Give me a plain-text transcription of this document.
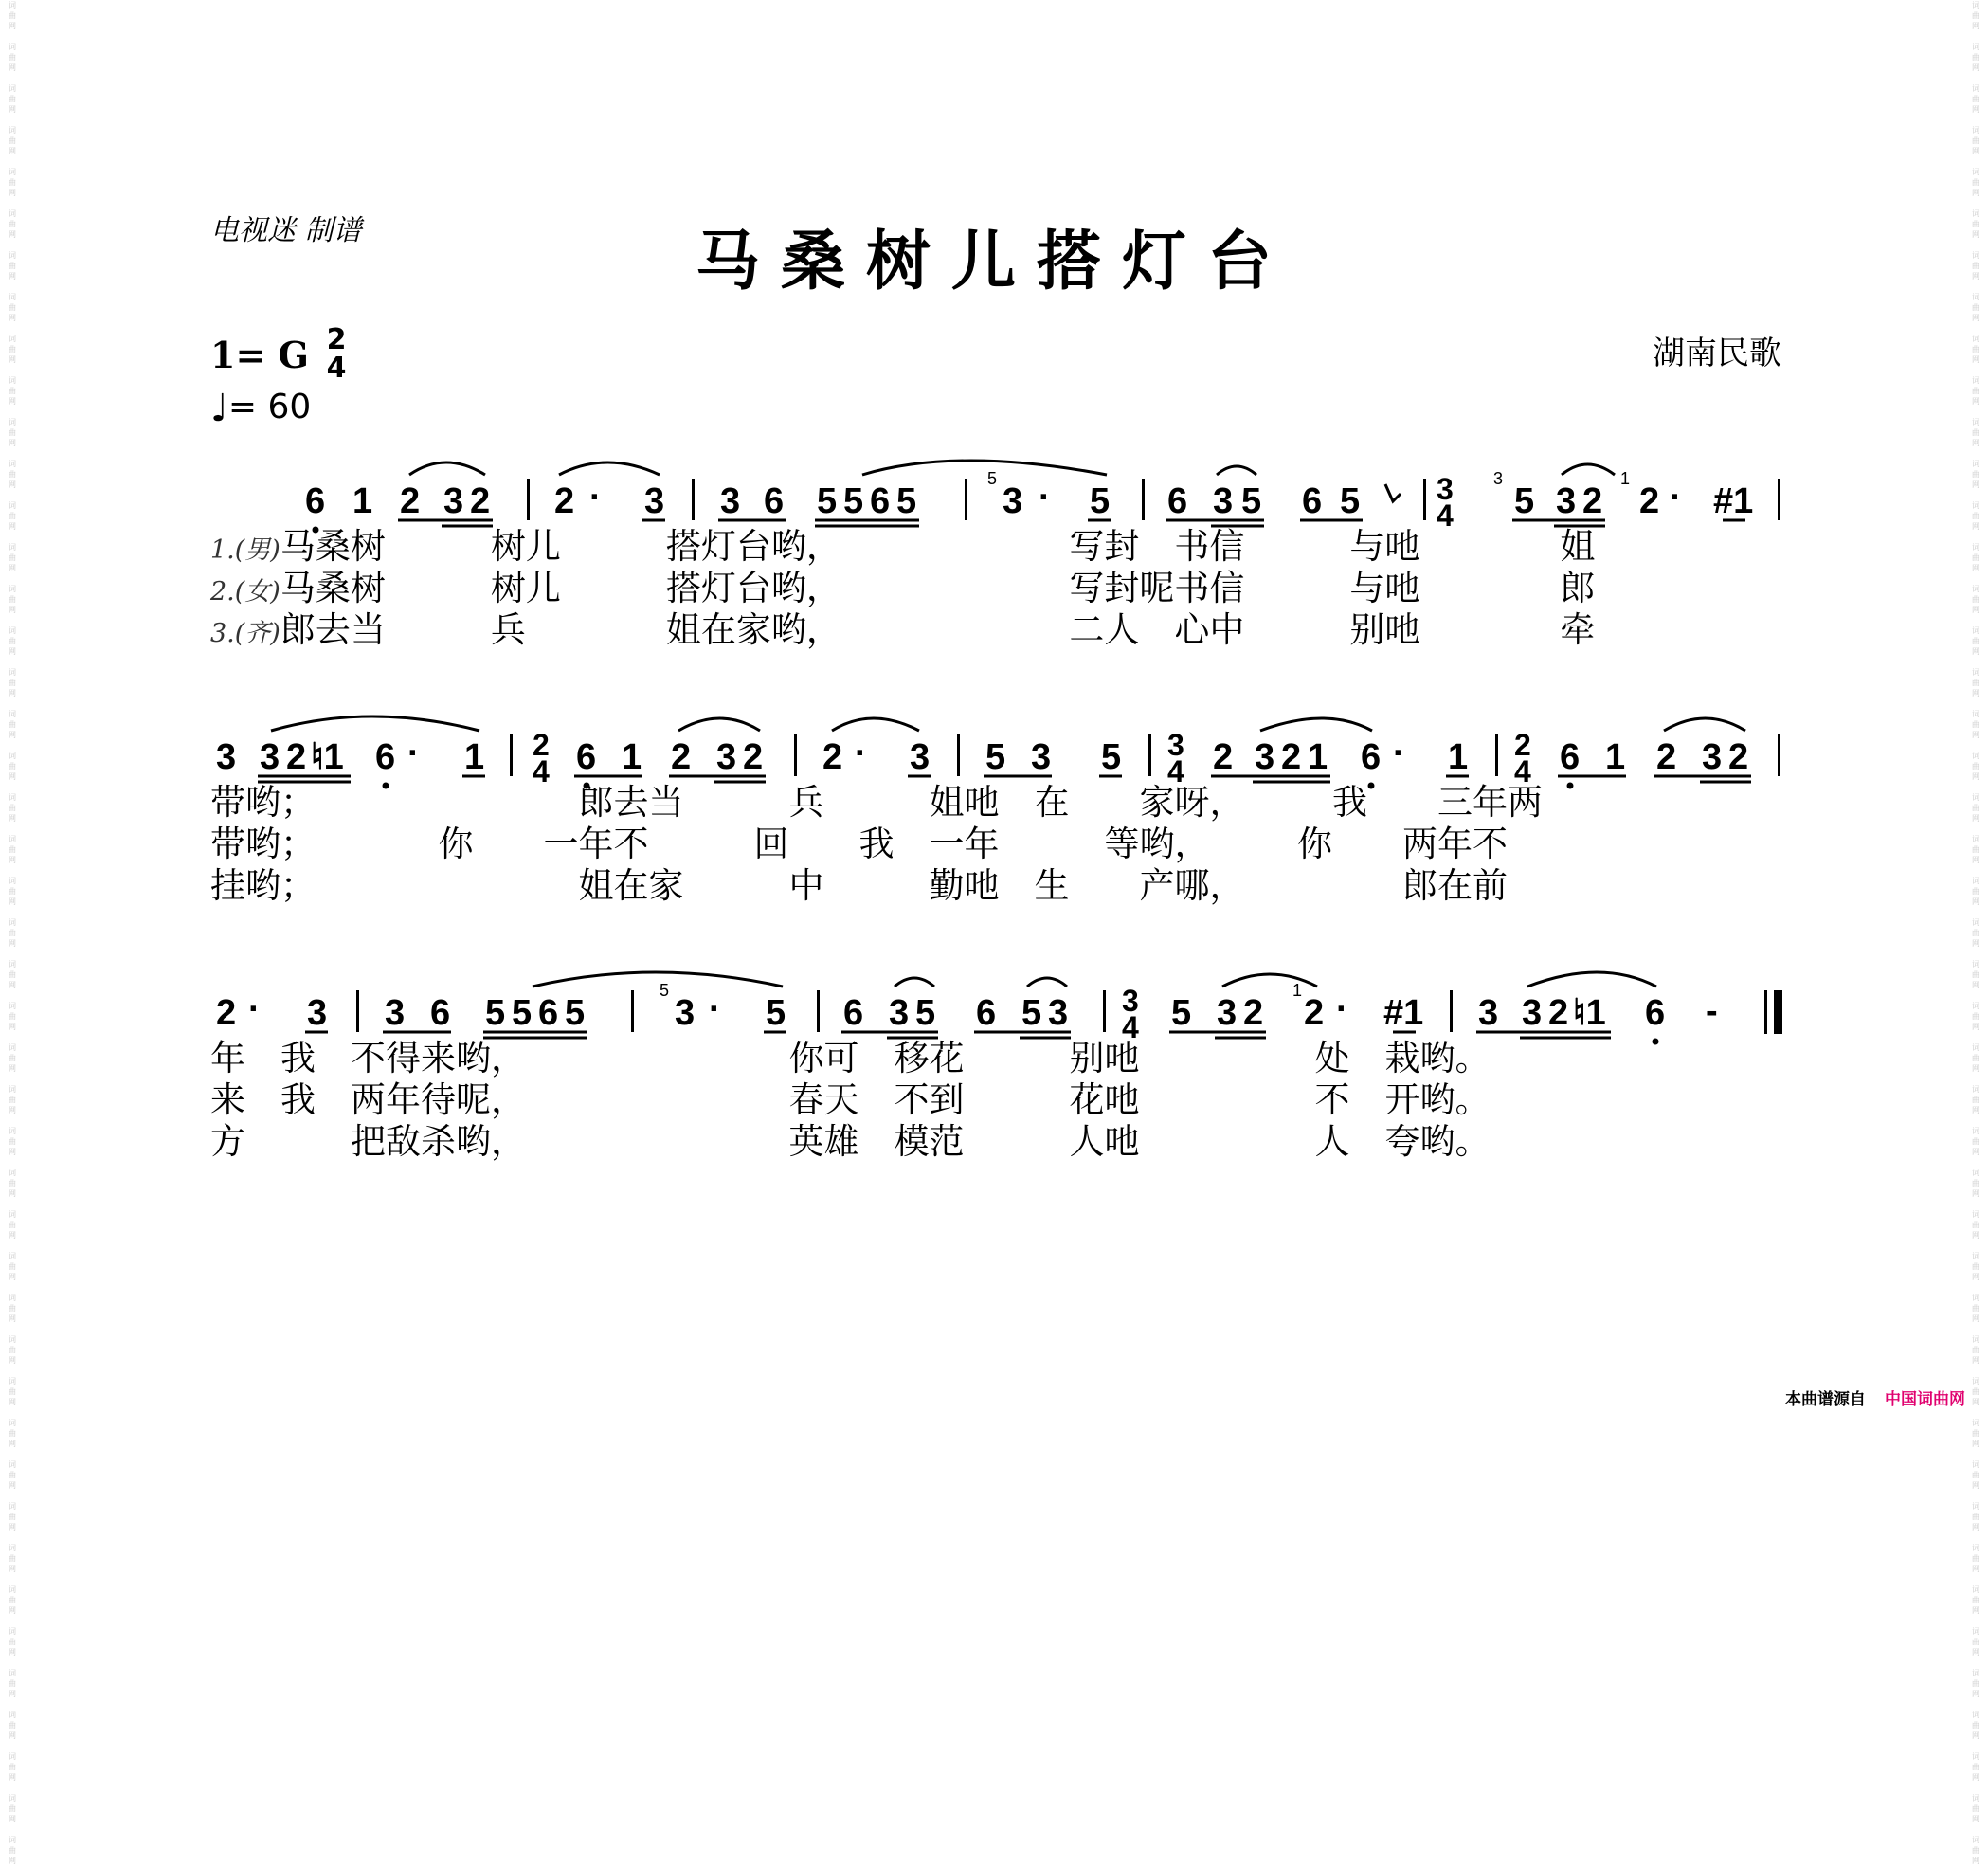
词
曲
网

词
曲
网

词
曲
网

词
曲
网

词
曲
网

词
曲
网

词
曲
网

词
曲
网

词
曲
网

词
曲
网

词
曲
网

词
曲
网

词
曲
网

词
曲
网

词
曲
网

词
曲
网

词
曲
网

词
曲
网

词
曲
网

词
曲
网

词
曲
网

词
曲
网

词
曲
网

词
曲
网

词
曲
网

词
曲
网

词
曲
网

词
曲
网

词
曲
网

词
曲
网

词
曲
网

词
曲
网

词
曲
网

词
曲
网

词
曲
网

词
曲
网

词
曲
网

词
曲
网

词
曲
网

词
曲
网

词
曲
网

词
曲
网

词
曲
网

词
曲
网

词
曲
网

词
曲
网

词
曲
网

词
曲
网

词
曲
网

词
曲
网

词
曲
网

词
曲
网

词
曲
网

词
曲
网

词
曲
网

词
曲
网

词
曲
网

词
曲
网

词
曲
网

词
曲
网

词
曲
网

词
曲
网

词
曲
网

词
曲
网

词
曲
网

词
曲
网

词
曲
网

词
曲
网

词
曲
网

词
曲
网

词
曲
网

词
曲
网

词
曲
网

词
曲
网

词
曲
网

词
曲
网

词
曲
网

词
曲
网

词
曲
网

词
曲
网

词
曲
网

词
曲
网

词
曲
网

词
曲
网

词
曲
网

词
曲
网

词
曲
网

词
曲
网

词
曲
网

词
曲
网

电视迷 制谱	马桑树儿搭灯台
湖南民歌
1= G 2
4
♩= 60
6 1 2 3 2 2 · 3 3 6 5 5 6 5 3 · 5 6 3 5 6 5	5 3 2 2 · #1
3
4
5	3	1
1.(男)马桑树　　　树儿　　　搭灯台哟，　　　　　　　写封　书信　　　与吔　　　　姐
2.(女)马桑树　　　树儿　　　搭灯台哟，　　　　　　　写封呢书信　　　与吔　　　　郎
3.(齐)郎去当　　　兵　　　　姐在家哟，　　　　　　　二人　心中　　　别吔　　　　牵
3 3 2 ♮1 6 · 1	6 1 2 3 2 2 · 3 5 3 5	2 3 2 1 6 · 1	6 1 2 3 2
2
4
3
4
2
4
带哟；　　　　　　　　郎去当　　　兵　　　姐吔　在　　家呀，　　　我　　三年两
带哟；　　　　你　　一年不　　　回　　我　一年　　　等哟，　　　你　　两年不
挂哟；　　　　　　　　姐在家　　　中　　　勤吔　生　　产哪，　　　　　郎在前
2 · 3 3 6 5 5 6 5 3 · 5 6 3 5 6 5 3	5 3 2 2 · #1 3 3 2 ♮1 6 -
3
4
5	1
年　我　不得来哟，　　　　　　　　你可　移花　　　别吔　　　　　处　栽哟。
来　我　两年待呢，　　　　　　　　春天　不到　　　花吔　　　　　不　开哟。
方　　　把敌杀哟，　　　　　　　　英雄　模范　　　人吔　　　　　人　夸哟。
本曲谱源自 中国词曲网
